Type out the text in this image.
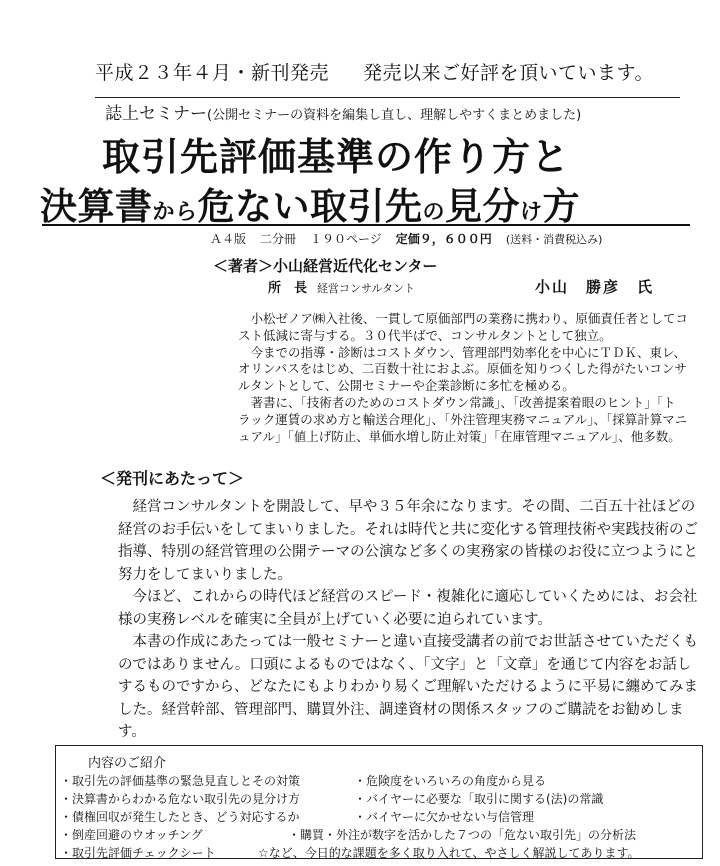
平成２３年４月・新刊発売 発売以来ご好評を頂いています。
誌上セミナー(公開セミナーの資料を編集し直し、理解しやすくまとめました)
取引先評価基準の作り方と
決算書から危ない取引先の見分け方
Ａ４版 二分冊 １９０ページ 定価９，６００円 (送料・消費税込み)
＜著者＞小山経営近代化センター
所　長 経営コンサルタント	小山　勝彦　氏

　小松ゼノア㈱入社後、一貫して原価部門の業務に携わり、原価責任者としてコスト低減に寄与する。３０代半ばで、コンサルタントとして独立。

　今までの指導・診断はコストダウン、管理部門効率化を中心にＴＤＫ、東レ、オリンパスをはじめ、二百数十社におよぶ。原価を知りつくした得がたいコンサルタントとして、公開セミナーや企業診断に多忙を極める。

　著書に、「技術者のためのコストダウン常識」、「改善提案着眼のヒント」「トラック運賃の求め方と輸送合理化」、「外注管理実務マニュアル」、「採算計算マニュアル」「値上げ防止、単価水増し防止対策」「在庫管理マニュアル」、他多数。

＜発刊にあたって＞

　経営コンサルタントを開設して、早や３５年余になります。その間、二百五十社ほどの経営のお手伝いをしてまいりました。それは時代と共に変化する管理技術や実践技術のご指導、特別の経営管理の公開テーマの公演など多くの実務家の皆様のお役に立つようにと努力をしてまいりました。

　今ほど、これからの時代ほど経営のスピード・複雑化に適応していくためには、お会社様の実務レベルを確実に全員が上げていく必要に迫られています。

　本書の作成にあたっては一般セミナーと違い直接受講者の前でお世話させていただくものではありません。口頭によるものではなく、「文字」と「文章」を通じて内容をお話しするものですから、どなたにもよりわかり易くご理解いただけるように平易に纏めてみました。経営幹部、管理部門、購買外注、調達資材の関係スタッフのご購読をお勧めします。

内容のご紹介
・取引先の評価基準の緊急見直しとその対策
・決算書からわかる危ない取引先の見分け方
・債権回収が発生したとき、どう対応するか
・倒産回避のウオッチング
・取引先評価チェックシート
・危険度をいろいろの角度から見る
・バイヤーに必要な「取引に関する(法)の常識
・バイヤーに欠かせない与信管理
・購買・外注が数字を活かした７つの「危ない取引先」の分析法
☆など、今日的な課題を多く取り入れて、やさしく解説してあります。
